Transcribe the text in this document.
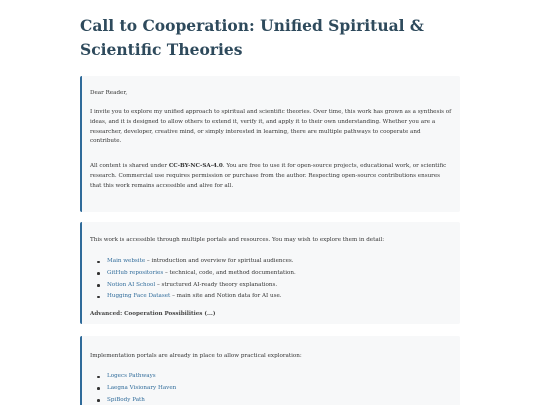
Call to Cooperation: Unified Spiritual & Scientific Theories

Dear Reader,

I invite you to explore my unified approach to spiritual and scientific theories. Over time, this work has grown as a synthesis of ideas, and it is designed to allow others to extend it, verify it, and apply it to their own understanding. Whether you are a researcher, developer, creative mind, or simply interested in learning, there are multiple pathways to cooperate and contribute.

All content is shared under CC-BY-NC-SA-4.0. You are free to use it for open-source projects, educational work, or scientific research. Commercial use requires permission or purchase from the author. Respecting open-source contributions ensures that this work remains accessible and alive for all.

This work is accessible through multiple portals and resources. You may wish to explore them in detail:

Main website – introduction and overview for spiritual audiences.
GitHub repositories – technical, code, and method documentation.
Notion AI School – structured AI-ready theory explanations.
Hugging Face Dataset – main site and Notion data for AI use.
Advanced: Cooperation Possibilities (...)

Implementation portals are already in place to allow practical exploration:

Logecs Pathways
Laegna Visionary Haven
SpiBody Path
